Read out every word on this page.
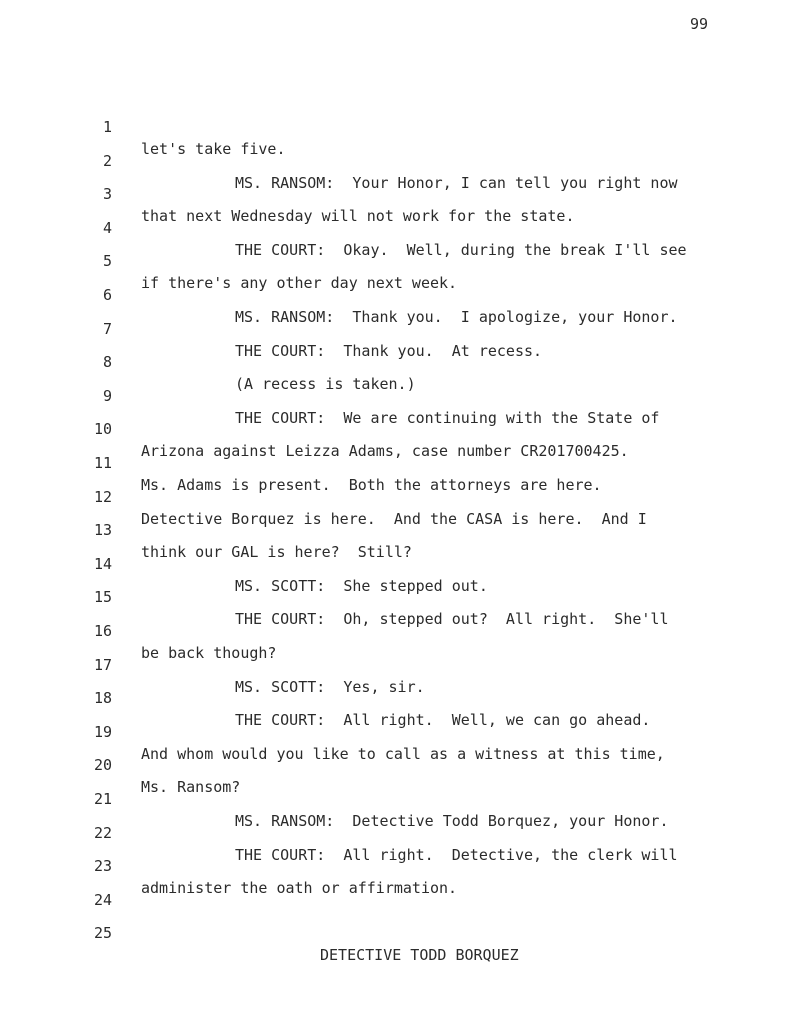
99

1

let's take five.

2

MS. RANSOM:  Your Honor, I can tell you right now

3

that next Wednesday will not work for the state.

4

THE COURT:  Okay.  Well, during the break I'll see

5

if there's any other day next week.

6

MS. RANSOM:  Thank you.  I apologize, your Honor.

7

THE COURT:  Thank you.  At recess.

8

(A recess is taken.)

9

THE COURT:  We are continuing with the State of

10

Arizona against Leizza Adams, case number CR201700425.

11

Ms. Adams is present.  Both the attorneys are here.

12

Detective Borquez is here.  And the CASA is here.  And I

13

think our GAL is here?  Still?

14

MS. SCOTT:  She stepped out.

15

THE COURT:  Oh, stepped out?  All right.  She'll

16

be back though?

17

MS. SCOTT:  Yes, sir.

18

THE COURT:  All right.  Well, we can go ahead.

19

And whom would you like to call as a witness at this time,

20

Ms. Ransom?

21

MS. RANSOM:  Detective Todd Borquez, your Honor.

22

THE COURT:  All right.  Detective, the clerk will

23

administer the oath or affirmation.

24

25

DETECTIVE TODD BORQUEZ
